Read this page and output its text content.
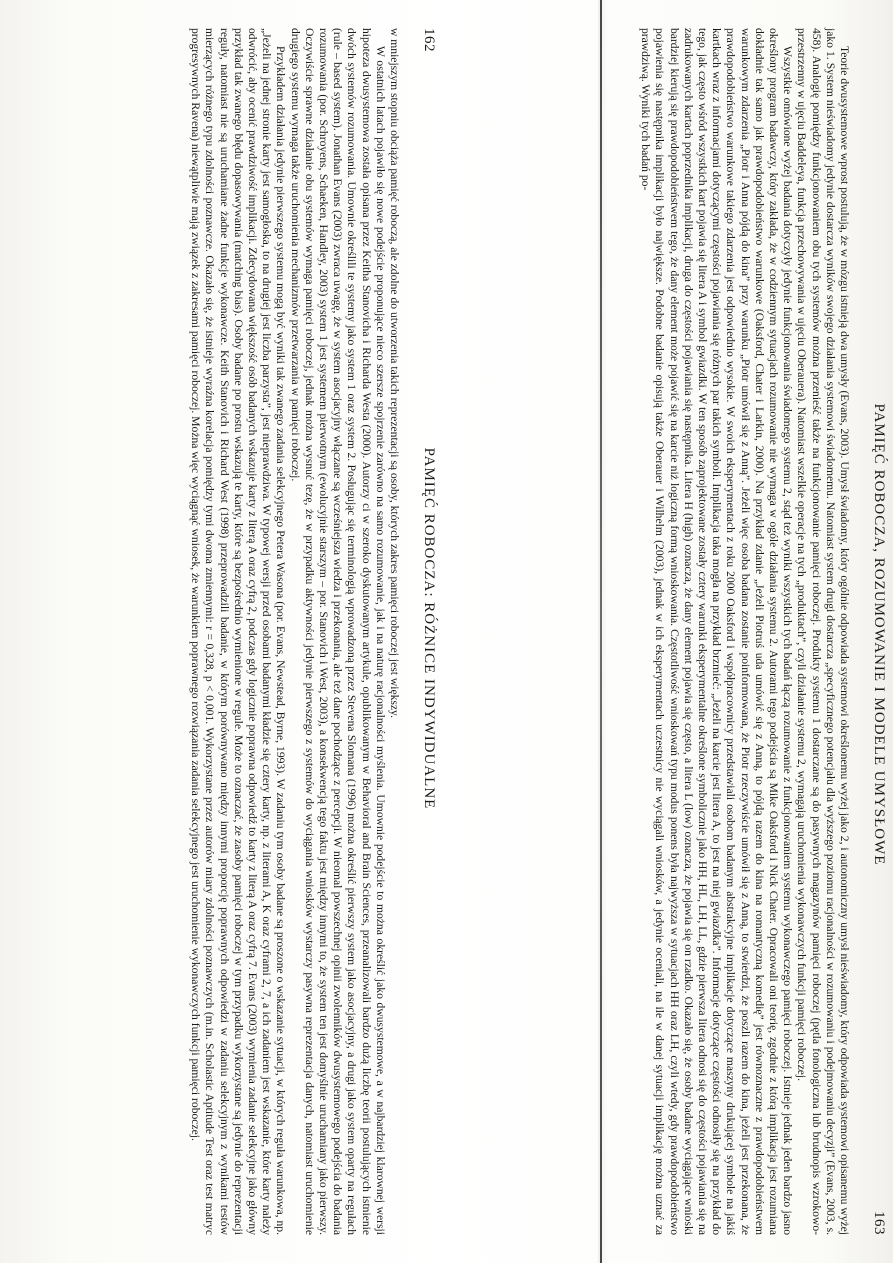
162
PAMIĘĆ ROBOCZA: RÓŻNICE INDYWIDUALNE

w mniejszym stopniu obciąża pamięć roboczą, ale zdolne do utworzenia takich reprezentacji są osoby, których zakres pamięci roboczej jest większy.

W ostatnich latach pojawiło się nowe podejście proponujące nieco szersze spojrzenie zarówno na samo rozumowanie, jak i na naturę racjonalności myślenia. Umownie podejście to można określić jako dwusystemowe, a w najbardziej klarownej wersji hipoteza dwusystemowa została opisana przez Keitha Stanovicha i Richarda Westa (2000). Autorzy ci w szeroko dyskutowanym artykule, opublikowanym w Behavioral and Brain Sciences, przeanalizowali bardzo dużą liczbę teorii postulujących istnienie dwóch systemów rozumowania. Umownie określili te systemy jako system 1 oraz system 2. Posługując się terminologią wprowadzoną przez Stevena Slomana (1996) można określić pierwszy system jako asocjacyjny, a drugi jako system oparty na regułach (rule – based system). Jonathan Evans (2003) zwraca uwagę, że w system asocjacyjny włączane są wcześniejsza wiedza i przekonania, ale też dane pochodzące z percepcji. W nieomal powszechnej opinii zwolenników dwusystemowego podejścia do badania rozumowania (por. Schroyens, Schaeken, Handley, 2003) system 1 jest systemem pierwotnym (ewolucyjnie starszym – por. Stanovich i West, 2003), a konsekwencją tego faktu jest między innymi to, że system ten jest domyślnie uruchamiany jako pierwszy. Oczywiście sprawne działanie obu systemów wymaga pamięci roboczej, jednak można wysnuć tezę, że w przypadku aktywności jedynie pierwszego z systemów do wyciągania wniosków wystarczy pasywna reprezentacja danych, natomiast uruchomienie drugiego systemu wymaga także uruchomienia mechanizmów przetwarzania w pamięci roboczej.

Przykładem działania jedynie pierwszego systemu mogą być wyniki tak zwanego zadania selekcyjnego Petera Wasona (por. Evans, Newstead, Byrne, 1993). W zadaniu tym osoby badane są proszone o wskazanie sytuacji, w których reguła warunkowa, np. „Jeżeli na jednej stronie karty jest samogłoska, to na drugiej jest liczba parzysta”, jest nieprawdziwa. W typowej wersji przed osobami badanymi kładzie się cztery karty, np. z literami A, K oraz cyframi 2, 7, a ich zadaniem jest wskazanie, które karty należy odwrócić, aby ocenić prawdziwość implikacji. Zdecydowana większość osób badanych wskazuje karty z literą A oraz cyfrą 2, podczas gdy logicznie poprawna odpowiedź to karty z literą A oraz cyfrą 7. Evans (2003) wymienia zadanie selekcyjne jako główny przykład tak zwanego błędu dopasowywania (matching bias). Osoby badane po prostu wskazują te karty, które są bezpośrednio wymienione w regule. Może to oznaczać, że zasoby pamięci roboczej w tym przypadku wykorzystane są jedynie do reprezentacji reguły, natomiast nie są uruchamiane żadne funkcje wykonawcze. Keith Stanovich i Richard West (1998) przeprowadzili badanie, w którym porównywano między innymi proporcję poprawnych odpowiedzi w zadaniu selekcyjnym z wynikami testów mierzących różnego typu zdolności poznawcze. Okazało się, że istnieje wyraźna korelacja pomiędzy tymi dwoma zmiennymi: r = 0,328, p < 0,001. Wykorzystane przez autorów miary zdolności poznawczych (m.in. Scholastic Aptitude Test oraz test matryc progresywnych Ravena) niewątpliwie mają związek z zakresami pamięci roboczej. Można więc wyciągnąć wniosek, że warunkiem poprawnego rozwiązania zadania selekcyjnego jest uruchomienie wykonawczych funkcji pamięci roboczej.	PAMIĘĆ ROBOCZA, ROZUMOWANIE I MODELE UMYSŁOWE
163

Teorie dwusystemowe wprost postulują, że w mózgu istnieją dwa umysły (Evans, 2003). Umysł świadomy, który ogólnie odpowiada systemowi określonemu wyżej jako 2, i autonomiczny umysł nieświadomy, który odpowiada systemowi opisanemu wyżej jako 1. System nieświadomy jedynie dostarcza wyników swojego działania systemowi świadomemu. Natomiast system drugi dostarcza „specyficznego potencjału dla wyższego poziomu racjonalności w rozumowaniu i podejmowaniu decyzji” (Evans, 2003, s. 458). Analogię pomiędzy funkcjonowaniem obu tych systemów można przenieść także na funkcjonowanie pamięci roboczej. Produkty systemu 1 dostarczane są do pasywnych magazynów pamięci roboczej (pętla fonologiczna lub brudnopis wzrokowo-przestrzenny w ujęciu Baddeleya, funkcja przechowywania w ujęciu Oberauera). Natomiast wszelkie operacje na tych „produktach”, czyli działanie systemu 2, wymagają uruchomienia wykonawczych funkcji pamięci roboczej.

Wszystkie omówione wyżej badania dotyczyły jedynie funkcjonowania świadomego systemu 2, stąd też wyniki wszystkich tych badań łączą rozumowanie z funkcjonowaniem systemu wykonawczego pamięci roboczej. Istnieje jednak jeden bardzo jasno określony program badawczy, który zakłada, że w codziennym sytuacjach rozumowanie nie wymaga w ogóle działania systemu 2. Autorami tego podejścia są Mike Oaksford i Nick Chater. Opracowali oni teorię, zgodnie z którą implikacja jest rozumiana dokładnie tak samo jak prawdopodobieństwo warunkowe (Oaksford, Chater i Larkin, 2000). Na przykład zdanie „Jeżeli Piotruś uda umówić się z Anną, to pójdą razem do kina na romantyczną komedię” jest równoznaczne z prawdopodobieństwem warunkowym zdarzenia „Piotr i Anna pójdą do kina” przy warunku „Piotr umówił się z Anną”. Jeżeli więc osoba badana zostanie poinformowana, że Piotr rzeczywiście umówił się z Anną, to stwierdzi, że poszli razem do kina, jeżeli jest przekonana, że prawdopodobieństwo warunkowe takiego zdarzenia jest odpowiednio wysokie. W swoich eksperymentach z roku 2000 Oaksford i współpracownicy przedstawiali osobom badanym abstrakcyjne implikacje dotyczące maszyny drukującej symbole na jakiś kartkach wraz z informacjami dotyczącymi częstości pojawiania się różnych par takich symboli. Implikacja taka mogła na przykład brzmieć: „Jeżeli na karcie jest litera A, to jest na niej gwiazdka”. Informacje dotyczące częstości odnosiły się na przykład do tego, jak często wśród wszystkich kart pojawia się litera A i symbol gwiazdki. W ten sposób zaprojektowane zostały cztery warunki eksperymentalne określone symbolicznie jako HH, HL, LH, LL, gdzie pierwsza litera odnosi się do częstości pojawiania się na zadrukowanych kartach poprzednika implikacji, druga do częstości pojawiania się następnika. Litera H (high) oznacza, że dany element pojawia się często, a litera L (low) oznacza, że pojawia się on rzadko. Okazało się, że osoby badane wyciągające wnioski bardziej kierują się prawdopodobieństwem tego, że dany element może pojawić się na karcie niż logiczną formą wnioskowania. Częstotliwość wnioskowań typu modus ponens była najwyższa w sytuacjach HH oraz LH, czyli wtedy, gdy prawdopodobieństwo pojawienia się następnika implikacji było największe. Podobne badanie opisują także Oberauer i Wilhelm (2003), jednak w ich eksperymentach uczestnicy nie wyciągali wniosków, a jedynie oceniali, na ile w danej sytuacji implikację można uznać za prawdziwą. Wyniki tych badań po-
